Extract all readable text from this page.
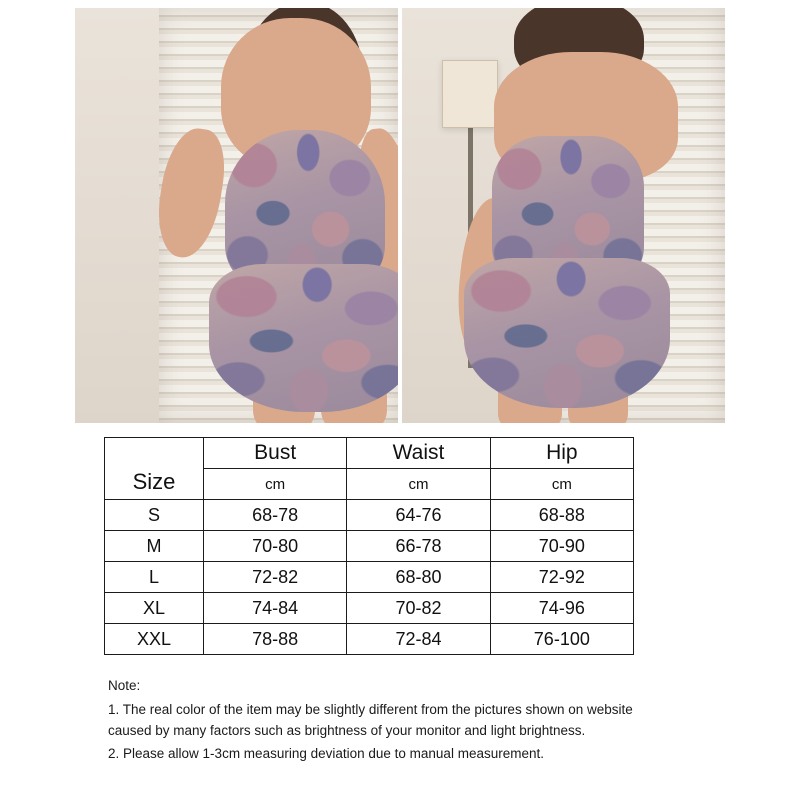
Size	Bust	Waist	Hip
	cm	cm	cm
S	68-78	64-76	68-88
M	70-80	66-78	70-90
L	72-82	68-80	72-92
XL	74-84	70-82	74-96
XXL	78-88	72-84	76-100
Note:

1. The real color of the item may be slightly different from the pictures shown on website caused by many factors such as brightness of your monitor and light brightness.

2. Please allow 1-3cm measuring deviation due to manual measurement.
